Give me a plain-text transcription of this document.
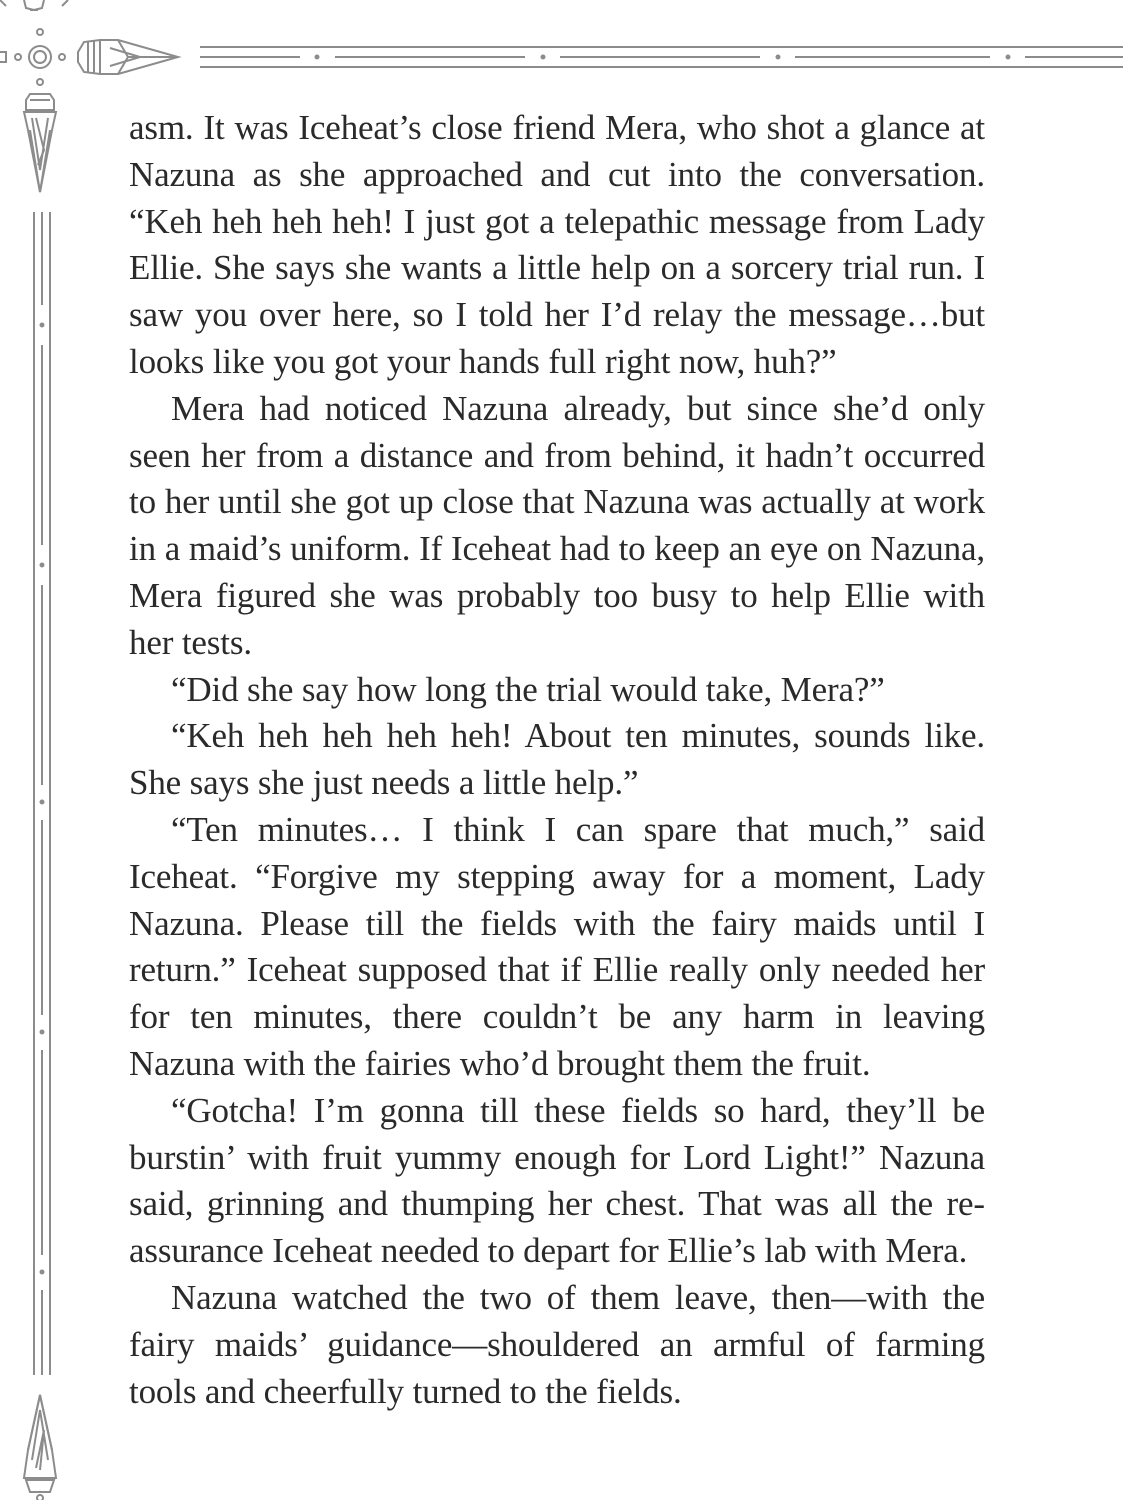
asm. It was Iceheat’s close friend Mera, who shot a glance at Nazuna as she approached and cut into the conversation. “Keh heh heh heh! I just got a telepathic message from Lady Ellie. She says she wants a little help on a sorcery trial run. I saw you over here, so I told her I’d relay the message…but looks like you got your hands full right now, huh?”

Mera had noticed Nazuna already, but since she’d only seen her from a distance and from behind, it hadn’t occurred to her until she got up close that Nazuna was actually at work in a maid’s uniform. If Iceheat had to keep an eye on Nazuna, Mera figured she was probably too busy to help Ellie with her tests.

“Did she say how long the trial would take, Mera?”

“Keh heh heh heh heh! About ten minutes, sounds like. She says she just needs a little help.”

“Ten minutes… I think I can spare that much,” said Iceheat. “Forgive my stepping away for a moment, Lady Nazuna. Please till the fields with the fairy maids until I return.” Iceheat supposed that if Ellie really only needed her for ten minutes, there couldn’t be any harm in leaving Nazuna with the fairies who’d brought them the fruit.

“Gotcha! I’m gonna till these fields so hard, they’ll be burstin’ with fruit yummy enough for Lord Light!” Nazuna said, grinning and thumping her chest. That was all the reassurance Iceheat needed to depart for Ellie’s lab with Mera.

Nazuna watched the two of them leave, then—with the fairy maids’ guidance—shouldered an armful of farming tools and cheerfully turned to the fields.
